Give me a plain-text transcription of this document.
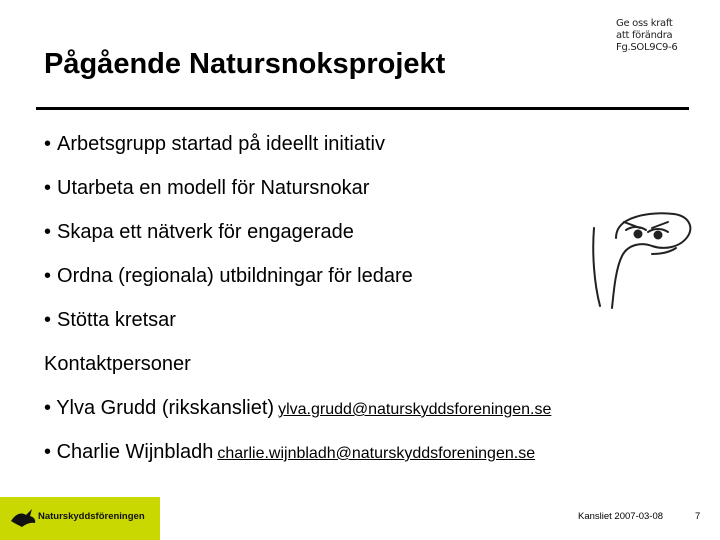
Pågående Natursnoksprojekt
Ge oss kraft
att förändra
Fg.SOL9C9-6
• Arbetsgrupp startad på ideellt initiativ
• Utarbeta en modell för Natursnokar
• Skapa ett nätverk för engagerade
• Ordna (regionala) utbildningar för ledare
• Stötta kretsar
Kontaktpersoner
• Ylva Grudd (rikskansliet) ylva.grudd@naturskyddsforeningen.se
• Charlie Wijnbladh charlie.wijnbladh@naturskyddsforeningen.se
Naturskyddsföreningen	Kansliet 2007-03-08	7
